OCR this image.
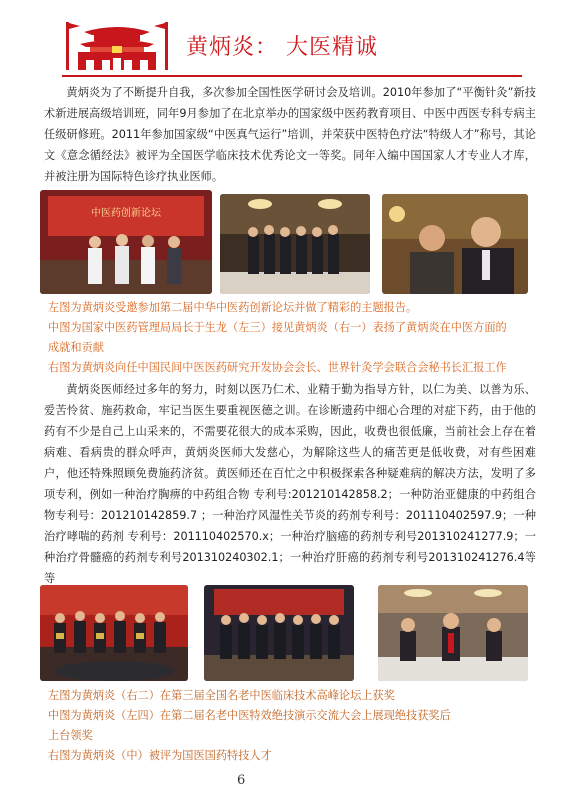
黄炳炎： 大医精诚

黄炳炎为了不断提升自我，多次参加全国性医学研讨会及培训。2010年参加了“平衡针灸”新技术新进展高级培训班，同年9月参加了在北京举办的国家级中医药教育项目、中医中西医专科专病主任级研修班。2011年参加国家级“中医真气运行”培训，并荣获中医特色疗法“特级人才”称号，其论文《意念循经法》被评为全国医学临床技术优秀论文一等奖。同年入编中国国家人才专业人才库，并被注册为国际特色诊疗执业医师。

中医药创新论坛
左图为黄炳炎受邀参加第二届中华中医药创新论坛并做了精彩的主题报告。
中图为国家中医药管理局局长于生龙（左三）接见黄炳炎（右一）表扬了黄炳炎在中医方面的
成就和贡献
右图为黄炳炎向任中国民间中医医药研究开发协会会长、世界针灸学会联合会秘书长汇报工作

黄炳炎医师经过多年的努力，时刻以医乃仁术、业精于勤为指导方针，以仁为美、以善为乐、爱苦怜贫、施药救命，牢记当医生要重视医德之训。在诊断遗药中细心合理的对症下药，由于他的药有不少是自己上山采来的，不需要花很大的成本采购，因此，收费也很低廉，当前社会上存在着病难、看病贵的群众呼声，黄炳炎医师大发慈心，为解除这些人的痛苦更是低收费，对有些困难户，他还特殊照顾免费施药济贫。黄医师还在百忙之中积极探索各种疑难病的解决方法，发明了多项专利，例如一种治疗胸痹的中药组合物 专利号:201210142858.2；一种防治亚健康的中药组合物专利号：201210142859.7 ；一种治疗风湿性关节炎的药剂专利号：201110402597.9；一种治疗哮喘的药剂 专利号：201110402570.x；一种治疗脑癌的药剂专利号201310241277.9；一种治疗骨髓癌的药剂专利号201310240302.1；一种治疗肝癌的药剂专利号201310241276.4等等

左图为黄炳炎（右二）在第三届全国名老中医临床技术高峰论坛上获奖
中图为黄炳炎（左四）在第二届名老中医特效绝技演示交流大会上展现绝技获奖后
上台领奖
右图为黄炳炎（中）被评为国医国药特技人才
6
